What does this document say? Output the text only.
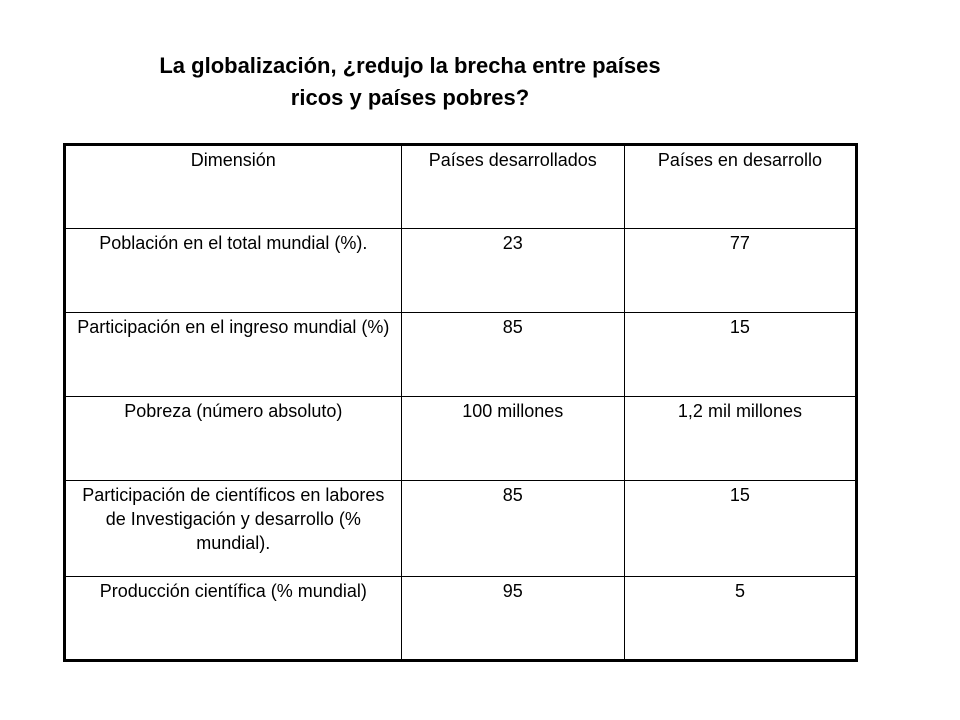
La globalización, ¿redujo la brecha entre países
ricos y países pobres?
Dimensión	Países desarrollados	Países en desarrollo
Población en el total mundial (%).	23	77
Participación en el ingreso mundial (%)	85	15
Pobreza (número absoluto)	100 millones	1,2 mil millones
Participación de científicos en labores de Investigación y desarrollo (% mundial).	85	15
Producción científica (% mundial)	95	5
